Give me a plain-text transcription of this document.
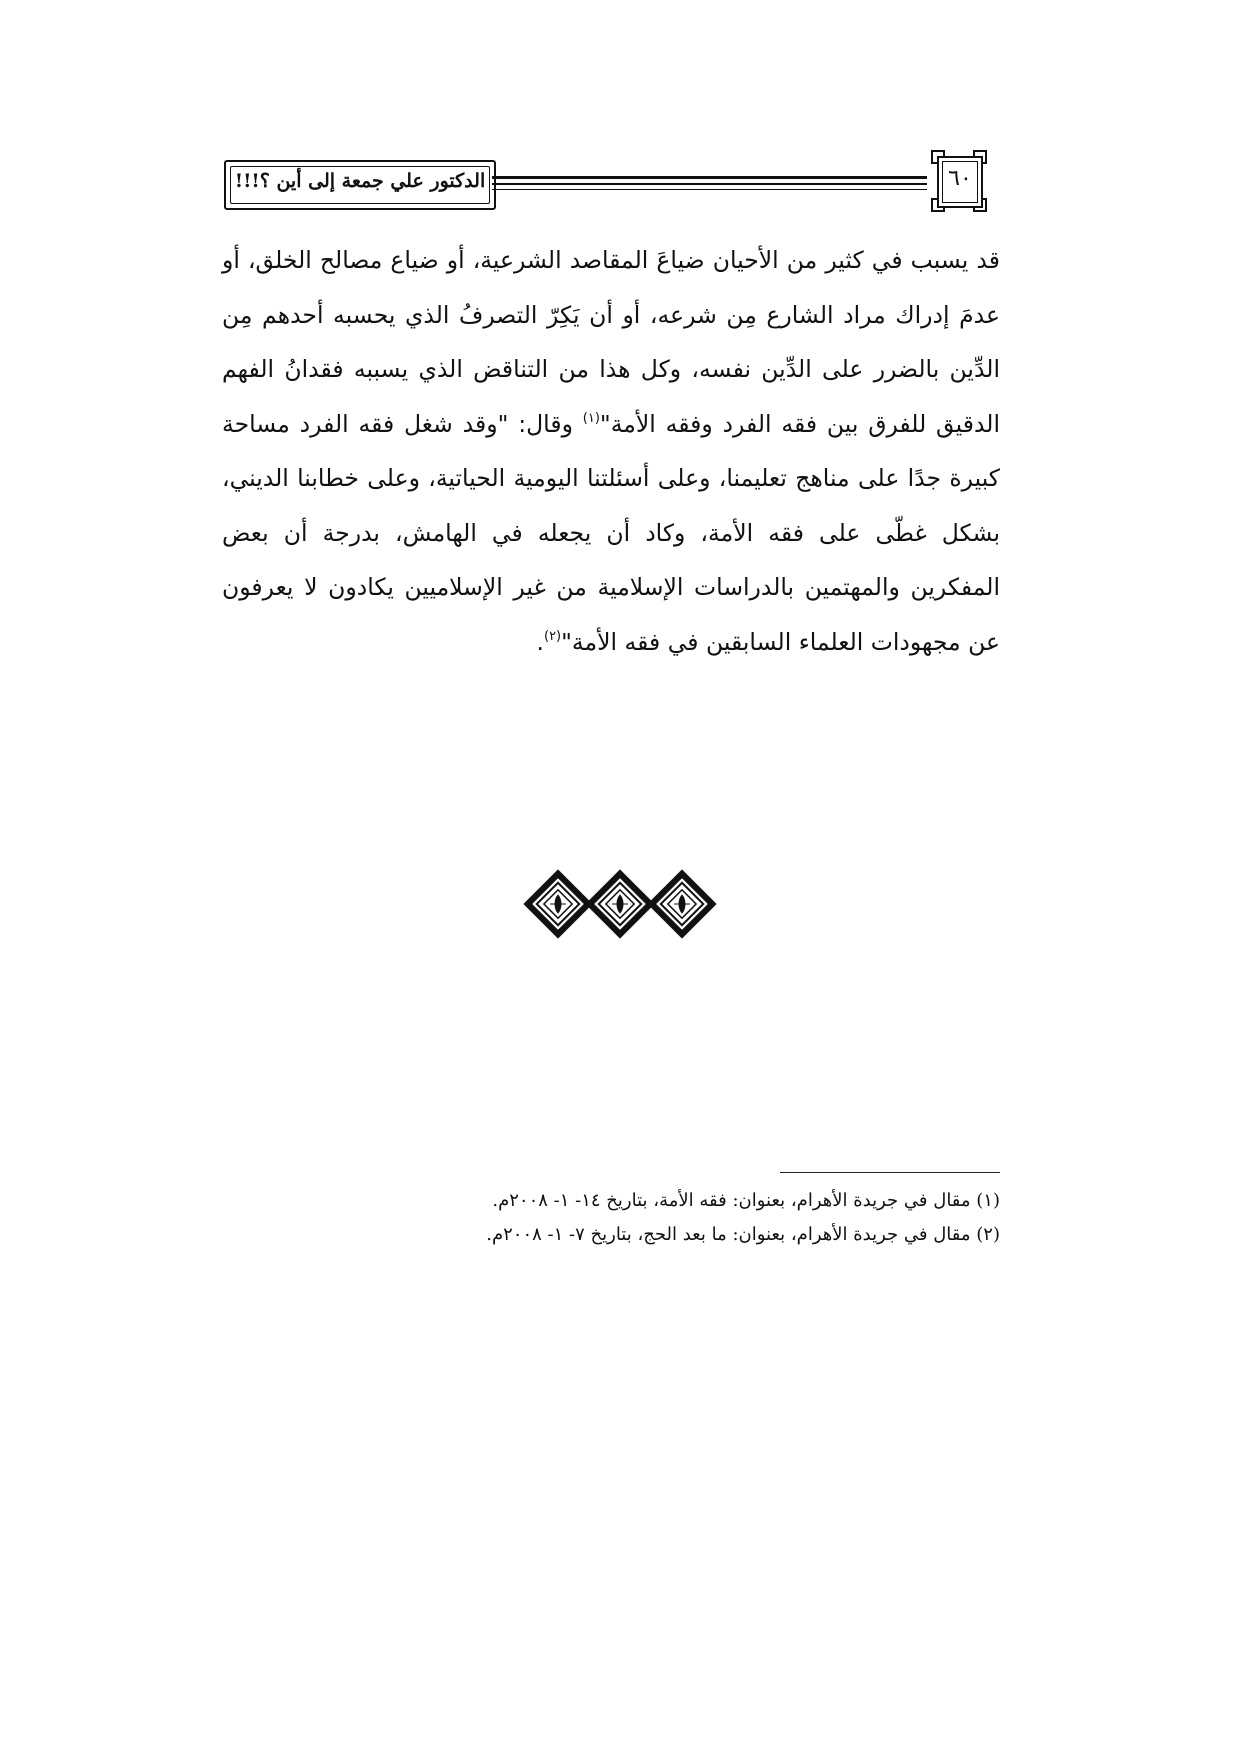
الدكتور علي جمعة إلى أين ؟!!!	٦٠

قد يسبب في كثير من الأحيان ضياعَ المقاصد الشرعية، أو ضياع مصالح الخلق، أو عدمَ إدراك مراد الشارع مِن شرعه، أو أن يَكِرّ التصرفُ الذي يحسبه أحدهم مِن الدِّين بالضرر على الدِّين نفسه، وكل هذا من التناقض الذي يسببه فقدانُ الفهم الدقيق للفرق بين فقه الفرد وفقه الأمة"$^{(١)}$ وقال: "وقد شغل فقه الفرد مساحة كبيرة جدًا على مناهج تعليمنا، وعلى أسئلتنا اليومية الحياتية، وعلى خطابنا الديني، بشكل غطّى على فقه الأمة، وكاد أن يجعله في الهامش، بدرجة أن بعض المفكرين والمهتمين بالدراسات الإسلامية من غير الإسلاميين يكادون لا يعرفون عن مجهودات العلماء السابقين في فقه الأمة"$^{(٢)}$.

(١) مقال في جريدة الأهرام، بعنوان: فقه الأمة، بتاريخ ١٤- ١- ٢٠٠٨م.

(٢) مقال في جريدة الأهرام، بعنوان: ما بعد الحج، بتاريخ ٧- ١- ٢٠٠٨م.
